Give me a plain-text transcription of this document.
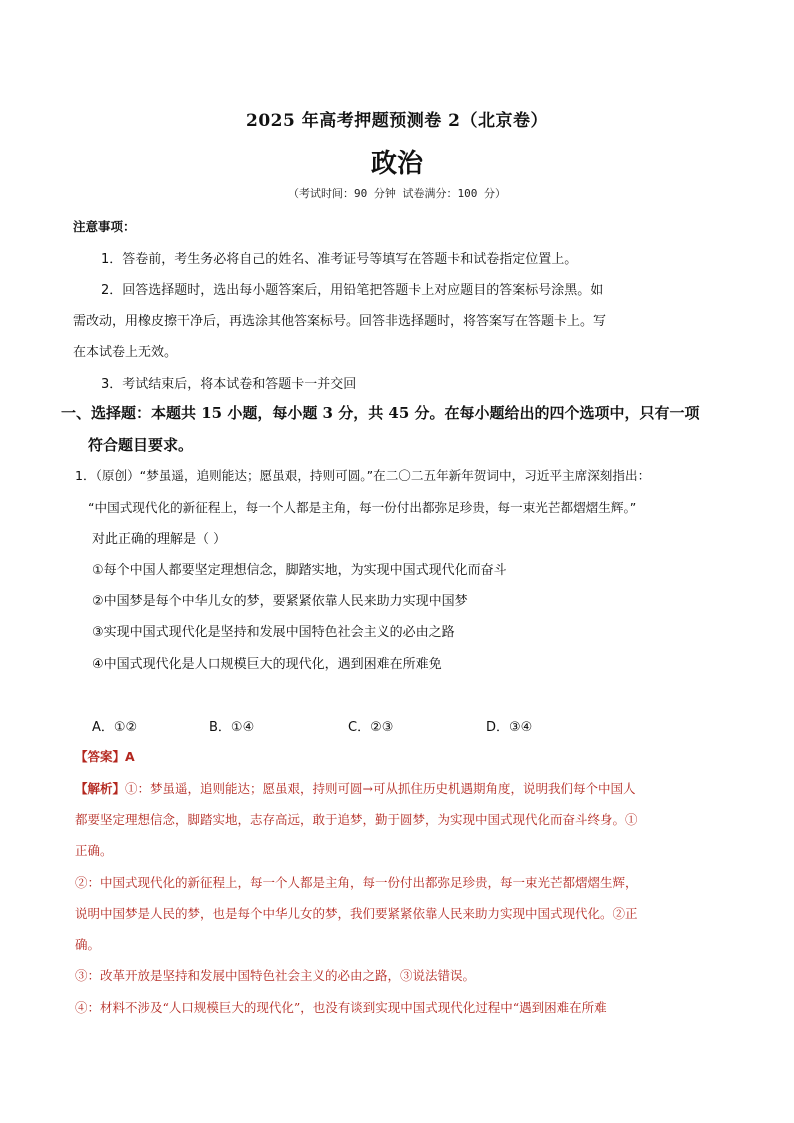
2025 年高考押题预测卷 2（北京卷）
政治
（考试时间：90 分钟 试卷满分：100 分）
注意事项：
1．答卷前，考生务必将自己的姓名、准考证号等填写在答题卡和试卷指定位置上。
2．回答选择题时，选出每小题答案后，用铅笔把答题卡上对应题目的答案标号涂黑。如
需改动，用橡皮擦干净后，再选涂其他答案标号。回答非选择题时，将答案写在答题卡上。写
在本试卷上无效。
3．考试结束后，将本试卷和答题卡一并交回
一、选择题：本题共 15 小题，每小题 3 分，共 45 分。在每小题给出的四个选项中，只有一项
符合题目要求。
1．（原创）“梦虽遥，追则能达；愿虽艰，持则可圆。”在二〇二五年新年贺词中，习近平主席深刻指出：
“中国式现代化的新征程上，每一个人都是主角，每一份付出都弥足珍贵，每一束光芒都熠熠生辉。”
对此正确的理解是（ ）
①每个中国人都要坚定理想信念，脚踏实地，为实现中国式现代化而奋斗
②中国梦是每个中华儿女的梦，要紧紧依靠人民来助力实现中国梦
③实现中国式现代化是坚持和发展中国特色社会主义的必由之路
④中国式现代化是人口规模巨大的现代化，遇到困难在所难免
A．①②	B．①④	C．②③	D．③④
【答案】A
【解析】①：梦虽遥，追则能达；愿虽艰，持则可圆→可从抓住历史机遇期角度，说明我们每个中国人
都要坚定理想信念，脚踏实地，志存高远，敢于追梦，勤于圆梦，为实现中国式现代化而奋斗终身。①
正确。
②：中国式现代化的新征程上，每一个人都是主角，每一份付出都弥足珍贵，每一束光芒都熠熠生辉，
说明中国梦是人民的梦，也是每个中华儿女的梦，我们要紧紧依靠人民来助力实现中国式现代化。②正
确。
③：改革开放是坚持和发展中国特色社会主义的必由之路，③说法错误。
④：材料不涉及“人口规模巨大的现代化”，也没有谈到实现中国式现代化过程中“遇到困难在所难
